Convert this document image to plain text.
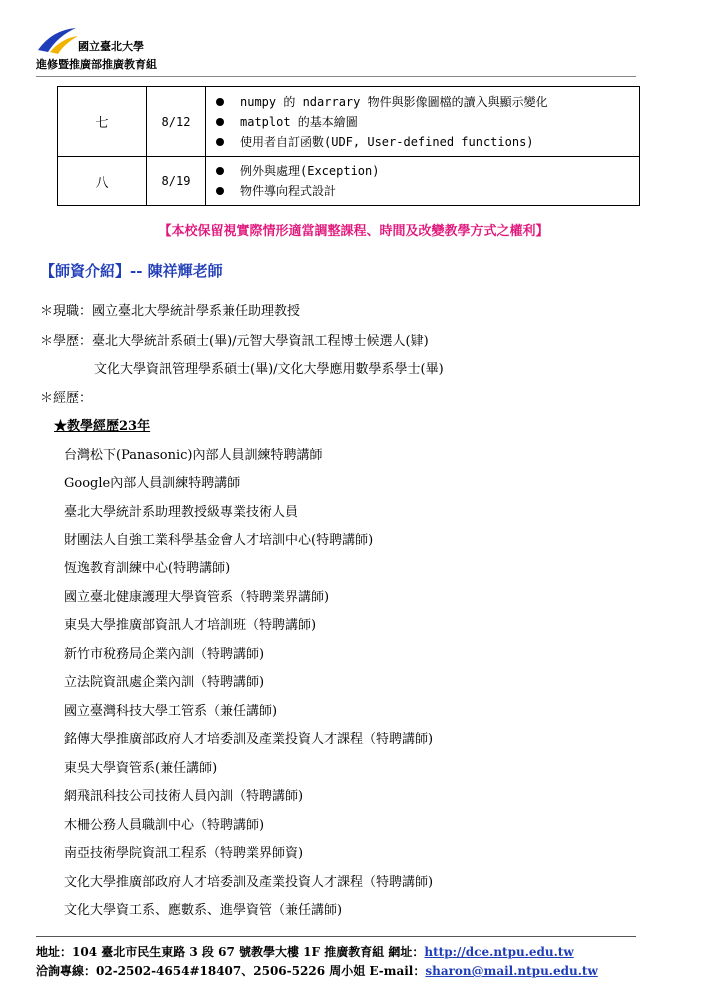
國立臺北大學
進修暨推廣部推廣教育組
七	8/12	numpy 的 ndarrary 物件與影像圖檔的讀入與顯示變化
matplot 的基本繪圖
使用者自訂函數(UDF, User-defined functions)

八	8/19	例外與處理(Exception)
物件導向程式設計
【本校保留視實際情形適當調整課程、時間及改變教學方式之權利】
【師資介紹】-- 陳祥輝老師
＊現職：國立臺北大學統計學系兼任助理教授
＊學歷：臺北大學統計系碩士(畢)/元智大學資訊工程博士候選人(肄)
文化大學資訊管理學系碩士(畢)/文化大學應用數學系學士(畢)
＊經歷：
★教學經歷23年
台灣松下(Panasonic)內部人員訓練特聘講師
Google內部人員訓練特聘講師
臺北大學統計系助理教授級專業技術人員
財團法人自強工業科學基金會人才培訓中心(特聘講師)
恆逸教育訓練中心(特聘講師)
國立臺北健康護理大學資管系（特聘業界講師)
東吳大學推廣部資訊人才培訓班（特聘講師)
新竹市稅務局企業內訓（特聘講師)
立法院資訊處企業內訓（特聘講師)
國立臺灣科技大學工管系（兼任講師)
銘傳大學推廣部政府人才培委訓及產業投資人才課程（特聘講師)
東吳大學資管系(兼任講師)
網飛訊科技公司技術人員內訓（特聘講師)
木柵公務人員職訓中心（特聘講師)
南亞技術學院資訊工程系（特聘業界師資)
文化大學推廣部政府人才培委訓及產業投資人才課程（特聘講師)
文化大學資工系、應數系、進學資管（兼任講師)
地址：104 臺北市民生東路 3 段 67 號教學大樓 1F 推廣教育組 網址：http://dce.ntpu.edu.tw
洽詢專線：02-2502-4654#18407、2506-5226 周小姐 E-mail：sharon@mail.ntpu.edu.tw
